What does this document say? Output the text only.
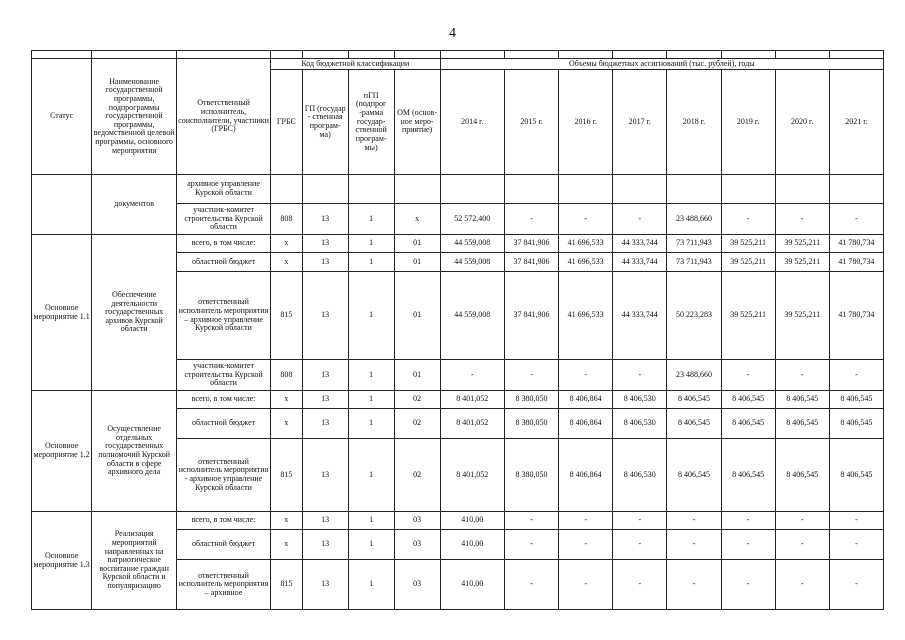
4

Статус	Наименование государственной программы, подпрограммы государственной программы, ведомственной целевой программы, основного мероприятия	Ответственный исполнитель, соисполнители, участники (ГРБС)	Код бюджетной классификации				Объемы бюджетных ассигнований (тыс. рублей), годы							
			ГРБС	ГП (государ - ственная програм- ма)	пГП (подпрог -рамма государ- ственной програм- мы)	ОМ (основ- ное меро- приятие)	2014 г.	2015 г.	2016 г.	2017 г.	2018 г.	2019 г.	2020 г.	2021 г.
	документов	архивное управление Курской области												
		участник-комитет строительства Курской области	808	13	1	х	52 572,400	-	-	-	23 488,660	-	-	-
Основное мероприятие 1.1	Обеспечение деятельности государственных архивов Курской области	всего, в том числе:	х	13	1	01	44 559,008	37 841,906	41 696,533	44 333,744	73 711,943	39 525,211	39 525,211	41 780,734
		областной бюджет	х	13	1	01	44 559,008	37 841,906	41 696,533	44 333,744	73 711,943	39 525,211	39 525,211	41 780,734
		ответственный исполнитель мероприятия – архивное управление Курской области	815	13	1	01	44 559,008	37 841,906	41 696,533	44 333,744	50 223,283	39 525,211	39 525,211	41 780,734
		участник-комитет строительства Курской области	808	13	1	01	-	-	-	-	23 488,660	-	-	-
Основное мероприятие 1.2	Осуществление отдельных государственных полномочий Курской области в сфере архивного дела	всего, в том числе:	х	13	1	02	8 401,052	8 380,050	8 406,864	8 406,530	8 406,545	8 406,545	8 406,545	8 406,545
		областной бюджет	х	13	1	02	8 401,052	8 380,050	8 406,864	8 406,530	8 406,545	8 406,545	8 406,545	8 406,545
		ответственный исполнитель мероприятия - архивное управление Курской области	815	13	1	02	8 401,052	8 380,050	8 406,864	8 406,530	8 406,545	8 406,545	8 406,545	8 406,545
Основное мероприятие 1.3	Реализация мероприятий направленных на патриотическое воспитание граждан Курской области и популяризацию	всего, в том числе:	х	13	1	03	410,00	-	-	-	-	-	-	-
		областной бюджет	х	13	1	03	410,00	-	-	-	-	-	-	-
		ответственный исполнитель мероприятия – архивное	815	13	1	03	410,00	-	-	-	-	-	-	-
